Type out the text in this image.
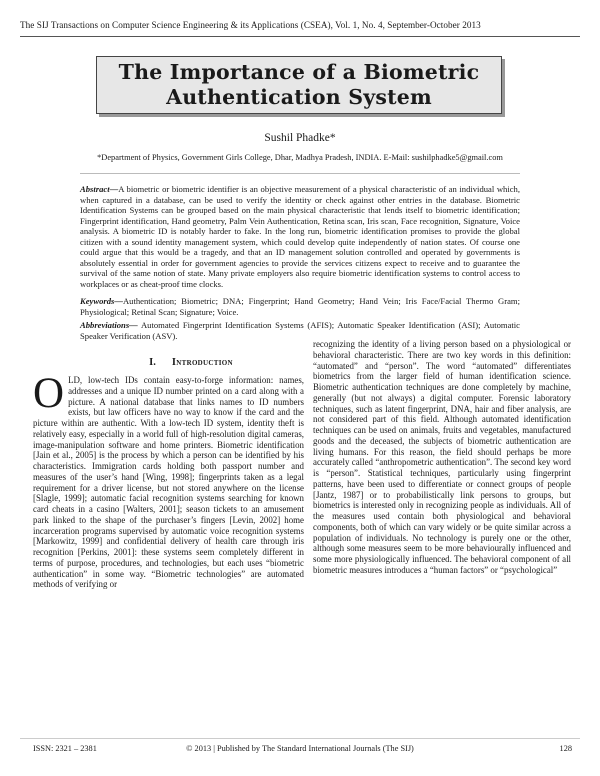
The SIJ Transactions on Computer Science Engineering & its Applications (CSEA), Vol. 1, No. 4, September-October 2013
The Importance of a Biometric
Authentication System
Sushil Phadke*
*Department of Physics, Government Girls College, Dhar, Madhya Pradesh, INDIA. E-Mail: sushilphadke5@gmail.com
Abstract—A biometric or biometric identifier is an objective measurement of a physical characteristic of an individual which, when captured in a database, can be used to verify the identity or check against other entries in the database. Biometric Identification Systems can be grouped based on the main physical characteristic that lends itself to biometric identification; Fingerprint identification, Hand geometry, Palm Vein Authentication, Retina scan, Iris scan, Face recognition, Signature, Voice analysis. A biometric ID is notably harder to fake. In the long run, biometric identification promises to provide the global citizen with a sound identity management system, which could develop quite independently of nation states. Of course one could argue that this would be a tragedy, and that an ID management solution controlled and operated by governments is absolutely essential in order for government agencies to provide the services citizens expect to receive and to guarantee the survival of the same notion of state. Many private employers also require biometric identification systems to control access to workplaces or as cheat-proof time clocks.
Keywords—Authentication; Biometric; DNA; Fingerprint; Hand Geometry; Hand Vein; Iris Face/Facial Thermo Gram; Physiological; Retinal Scan; Signature; Voice.
Abbreviations— Automated Fingerprint Identification Systems (AFIS); Automatic Speaker Identification (ASI); Automatic Speaker Verification (ASV).
I. Introduction
OLD, low-tech IDs contain easy-to-forge information: names, addresses and a unique ID number printed on a card along with a picture. A national database that links names to ID numbers exists, but law officers have no way to know if the card and the picture within are authentic. With a low-tech ID system, identity theft is relatively easy, especially in a world full of high-resolution digital cameras, image-manipulation software and home printers. Biometric identification [Jain et al., 2005] is the process by which a person can be identified by his characteristics. Immigration cards holding both passport number and measures of the user’s hand [Wing, 1998]; fingerprints taken as a legal requirement for a driver license, but not stored anywhere on the license [Slagle, 1999]; automatic facial recognition systems searching for known card cheats in a casino [Walters, 2001]; season tickets to an amusement park linked to the shape of the purchaser’s fingers [Levin, 2002] home incarceration programs supervised by automatic voice recognition systems [Markowitz, 1999] and confidential delivery of health care through iris recognition [Perkins, 2001]: these systems seem completely different in terms of purpose, procedures, and technologies, but each uses “biometric authentication” in some way. “Biometric technologies” are automated methods of verifying or
recognizing the identity of a living person based on a physiological or behavioral characteristic. There are two key words in this definition: “automated” and “person”. The word “automated” differentiates biometrics from the larger field of human identification science. Biometric authentication techniques are done completely by machine, generally (but not always) a digital computer. Forensic laboratory techniques, such as latent fingerprint, DNA, hair and fiber analysis, are not considered part of this field. Although automated identification techniques can be used on animals, fruits and vegetables, manufactured goods and the deceased, the subjects of biometric authentication are living humans. For this reason, the field should perhaps be more accurately called “anthropometric authentication”. The second key word is “person”. Statistical techniques, particularly using fingerprint patterns, have been used to differentiate or connect groups of people [Jantz, 1987] or to probabilistically link persons to groups, but biometrics is interested only in recognizing people as individuals. All of the measures used contain both physiological and behavioral components, both of which can vary widely or be quite similar across a population of individuals. No technology is purely one or the other, although some measures seem to be more behaviourally influenced and some more physiologically influenced. The behavioral component of all biometric measures introduces a “human factors” or “psychological”
ISSN: 2321 – 2381	© 2013 | Published by The Standard International Journals (The SIJ)	128
